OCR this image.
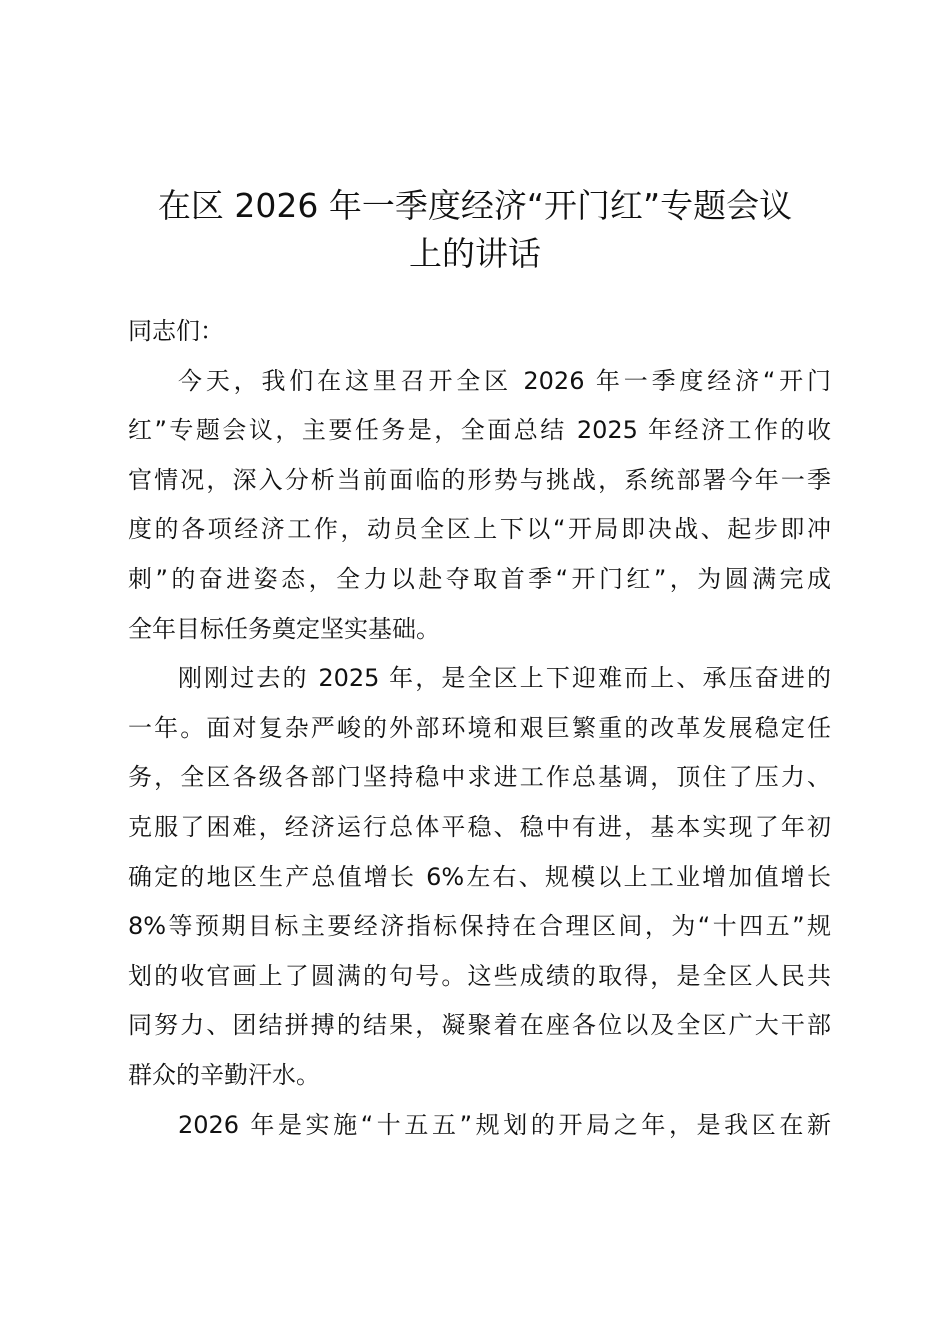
在区 2026 年一季度经济“开门红”专题会议
上的讲话
同志们：
今天，我们在这里召开全区 2026 年一季度经济“开门
红”专题会议，主要任务是，全面总结 2025 年经济工作的收
官情况，深入分析当前面临的形势与挑战，系统部署今年一季
度的各项经济工作，动员全区上下以“开局即决战、起步即冲
刺”的奋进姿态，全力以赴夺取首季“开门红”，为圆满完成
全年目标任务奠定坚实基础。
刚刚过去的 2025 年，是全区上下迎难而上、承压奋进的
一年。面对复杂严峻的外部环境和艰巨繁重的改革发展稳定任
务，全区各级各部门坚持稳中求进工作总基调，顶住了压力、
克服了困难，经济运行总体平稳、稳中有进，基本实现了年初
确定的地区生产总值增长 6%左右、规模以上工业增加值增长
8%等预期目标主要经济指标保持在合理区间，为“十四五”规
划的收官画上了圆满的句号。这些成绩的取得，是全区人民共
同努力、团结拼搏的结果，凝聚着在座各位以及全区广大干部
群众的辛勤汗水。
2026 年是实施“十五五”规划的开局之年，是我区在新
